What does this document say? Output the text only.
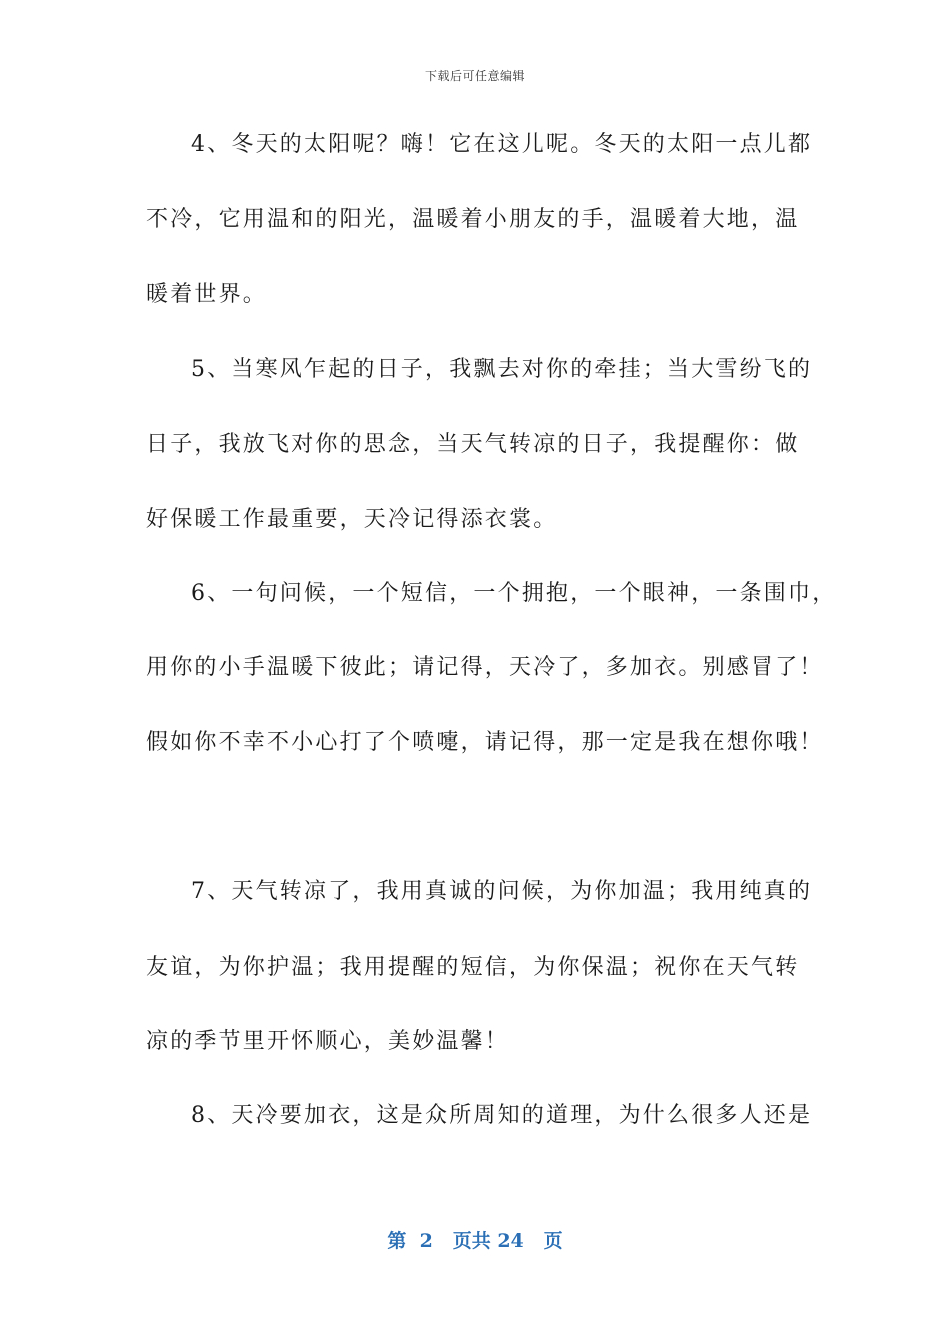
下载后可任意编辑
4、冬天的太阳呢？嗨！它在这儿呢。冬天的太阳一点儿都
不冷，它用温和的阳光，温暖着小朋友的手，温暖着大地，温
暖着世界。
5、当寒风乍起的日子，我飘去对你的牵挂；当大雪纷飞的
日子，我放飞对你的思念，当天气转凉的日子，我提醒你：做
好保暖工作最重要，天冷记得添衣裳。
6、一句问候，一个短信，一个拥抱，一个眼神，一条围巾，
用你的小手温暖下彼此；请记得，天冷了，多加衣。别感冒了！
假如你不幸不小心打了个喷嚏，请记得，那一定是我在想你哦！
7、天气转凉了，我用真诚的问候，为你加温；我用纯真的
友谊，为你护温；我用提醒的短信，为你保温；祝你在天气转
凉的季节里开怀顺心，美妙温馨！
8、天冷要加衣，这是众所周知的道理，为什么很多人还是
第 2 页共 24 页
